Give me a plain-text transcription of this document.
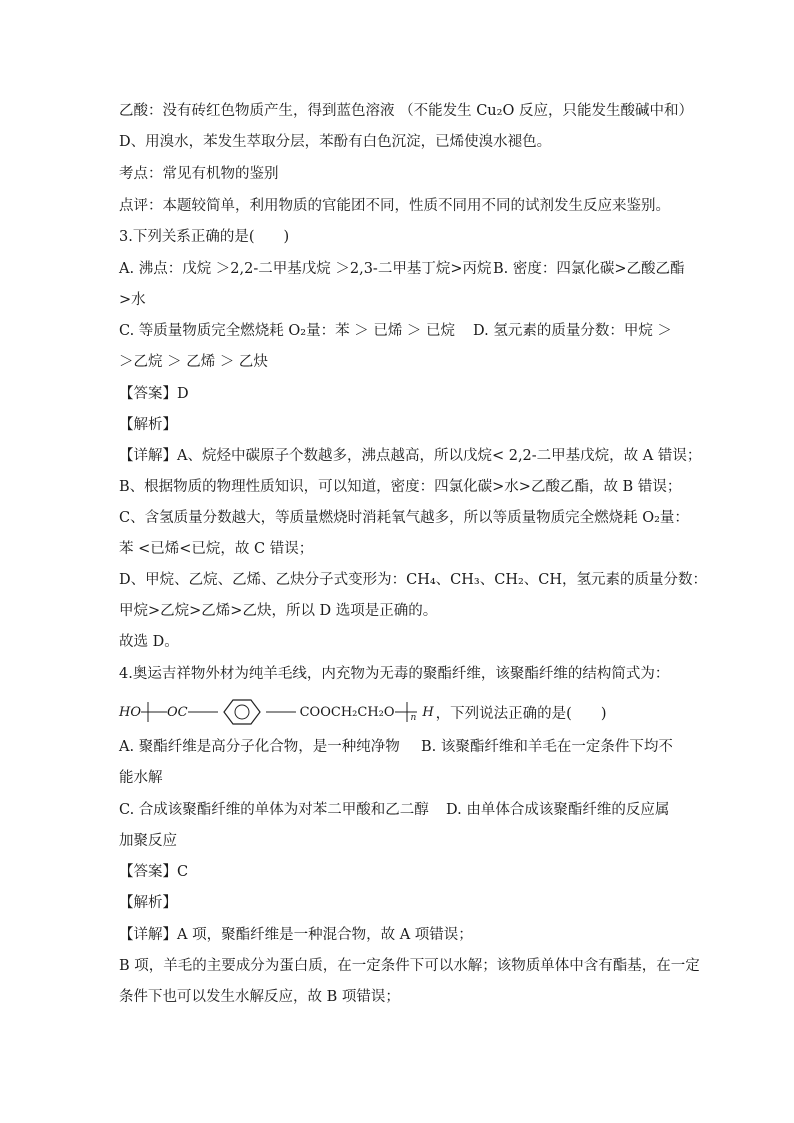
乙酸：没有砖红色物质产生，得到蓝色溶液 （不能发生 Cu₂O 反应，只能发生酸碱中和）
D、用溴水，苯发生萃取分层，苯酚有白色沉淀，已烯使溴水褪色。
考点：常见有机物的鉴别
点评：本题较简单，利用物质的官能团不同，性质不同用不同的试剂发生反应来鉴别。
3.下列关系正确的是(　　)
A. 沸点：戊烷 ＞2,2-二甲基戊烷 ＞2,3-二甲基丁烷>丙烷 B. 密度：四氯化碳>乙酸乙酯
>水
C. 等质量物质完全燃烧耗 O₂量：苯 ＞ 已烯 ＞ 已烷 D. 氢元素的质量分数：甲烷 ＞
＞乙烷 ＞ 乙烯 ＞ 乙炔
【答案】D
【解析】
【详解】A、烷烃中碳原子个数越多，沸点越高，所以戊烷< 2,2-二甲基戊烷，故 A 错误；
B、根据物质的物理性质知识，可以知道，密度：四氯化碳>水>乙酸乙酯，故 B 错误；
C、含氢质量分数越大，等质量燃烧时消耗氧气越多，所以等质量物质完全燃烧耗 O₂量：
苯 <已烯<已烷，故 C 错误；
D、甲烷、乙烷、乙烯、乙炔分子式变形为：CH₄、CH₃、CH₂、CH，氢元素的质量分数：
甲烷>乙烷>乙烯>乙炔，所以 D 选项是正确的。
故选 D。
4.奥运吉祥物外材为纯羊毛线，内充物为无毒的聚酯纤维，该聚酯纤维的结构简式为：
HO OC	COOCH₂CH₂O n H ，下列说法正确的是(　　)
A. 聚酯纤维是高分子化合物，是一种纯净物 B. 该聚酯纤维和羊毛在一定条件下均不
能水解
C. 合成该聚酯纤维的单体为对苯二甲酸和乙二醇 D. 由单体合成该聚酯纤维的反应属
加聚反应
【答案】C
【解析】
【详解】A 项，聚酯纤维是一种混合物，故 A 项错误；
B 项，羊毛的主要成分为蛋白质，在一定条件下可以水解；该物质单体中含有酯基，在一定
条件下也可以发生水解反应，故 B 项错误；
